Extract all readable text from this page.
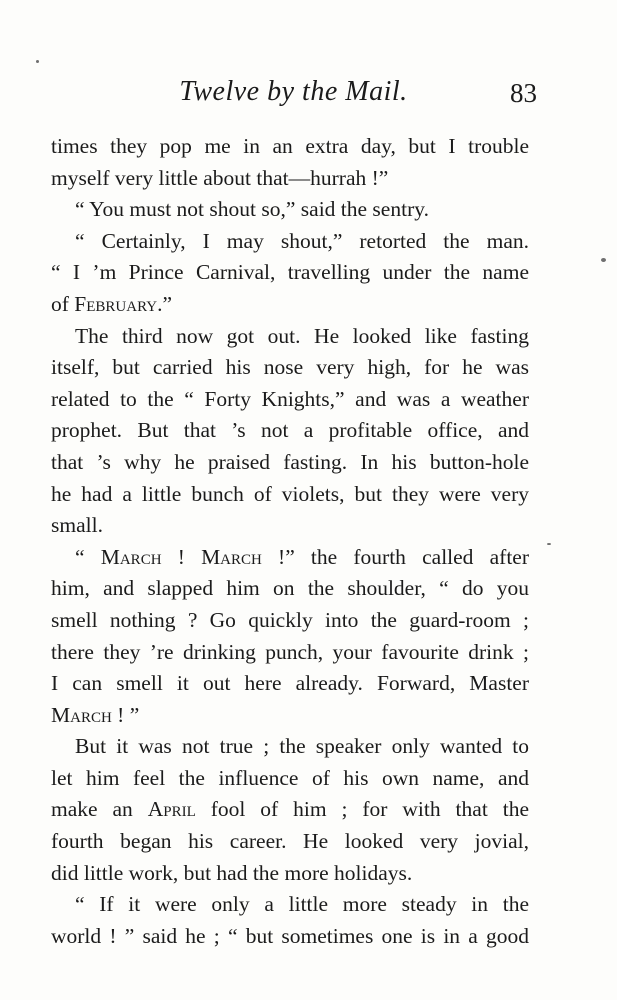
Twelve by the Mail.	83
times they pop me in an extra day, but I trouble
myself very little about that—hurrah !”
“ You must not shout so,” said the sentry.
“ Certainly, I may shout,” retorted the man.
“ I ’m Prince Carnival, travelling under the name
of February.”
The third now got out. He looked like fasting
itself, but carried his nose very high, for he was
related to the “ Forty Knights,” and was a weather
prophet. But that ’s not a profitable office, and
that ’s why he praised fasting. In his button-hole
he had a little bunch of violets, but they were very
small.
“ March ! March !” the fourth called after
him, and slapped him on the shoulder, “ do you
smell nothing ? Go quickly into the guard-room ;
there they ’re drinking punch, your favourite drink ;
I can smell it out here already. Forward, Master
March ! ”
But it was not true ; the speaker only wanted to
let him feel the influence of his own name, and
make an April fool of him ; for with that the
fourth began his career. He looked very jovial,
did little work, but had the more holidays.
“ If it were only a little more steady in the
world ! ” said he ; “ but sometimes one is in a good
